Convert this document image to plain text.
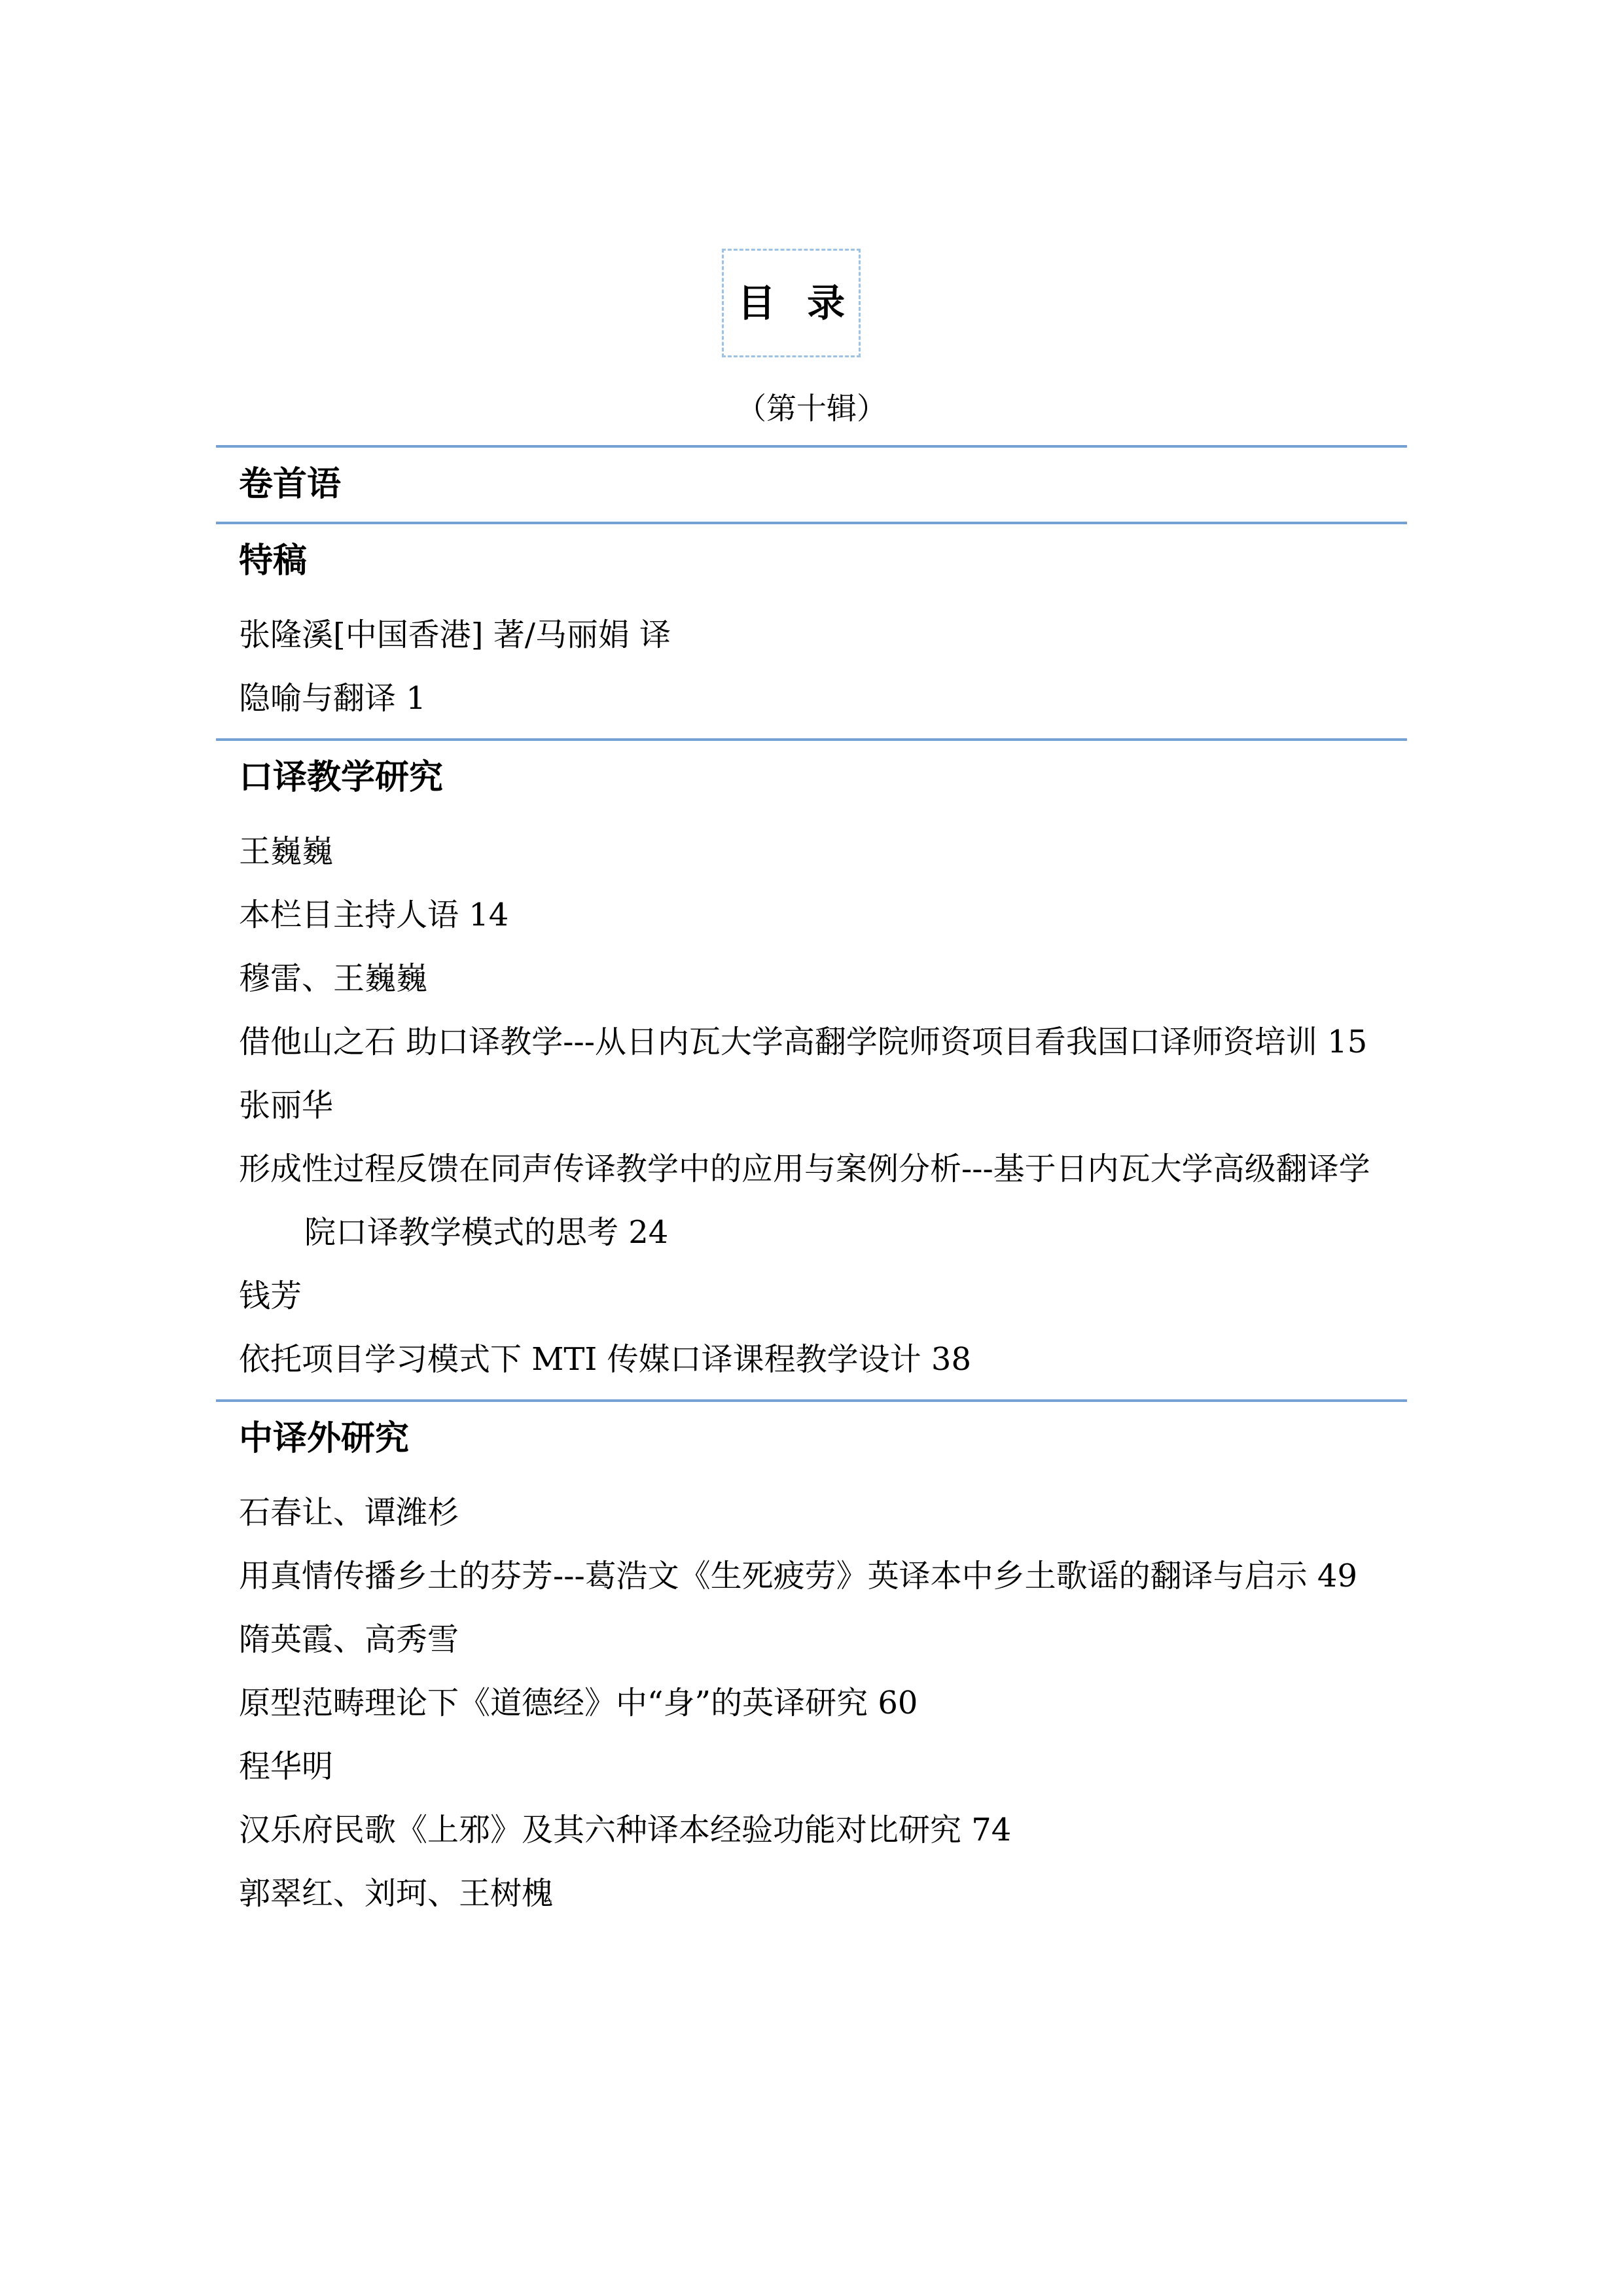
目 录
（第十辑）
卷首语
特稿
张隆溪[中国香港] 著/马丽娟 译
隐喻与翻译 1
口译教学研究
王巍巍
本栏目主持人语 14
穆雷、王巍巍
借他山之石 助口译教学---从日内瓦大学高翻学院师资项目看我国口译师资培训 15
张丽华
形成性过程反馈在同声传译教学中的应用与案例分析---基于日内瓦大学高级翻译学院口译教学模式的思考 24
钱芳
依托项目学习模式下 MTI 传媒口译课程教学设计 38
中译外研究
石春让、谭潍杉
用真情传播乡土的芬芳---葛浩文《生死疲劳》英译本中乡土歌谣的翻译与启示 49
隋英霞、高秀雪
原型范畴理论下《道德经》中“身”的英译研究 60
程华明
汉乐府民歌《上邪》及其六种译本经验功能对比研究 74
郭翠红、刘珂、王树槐
